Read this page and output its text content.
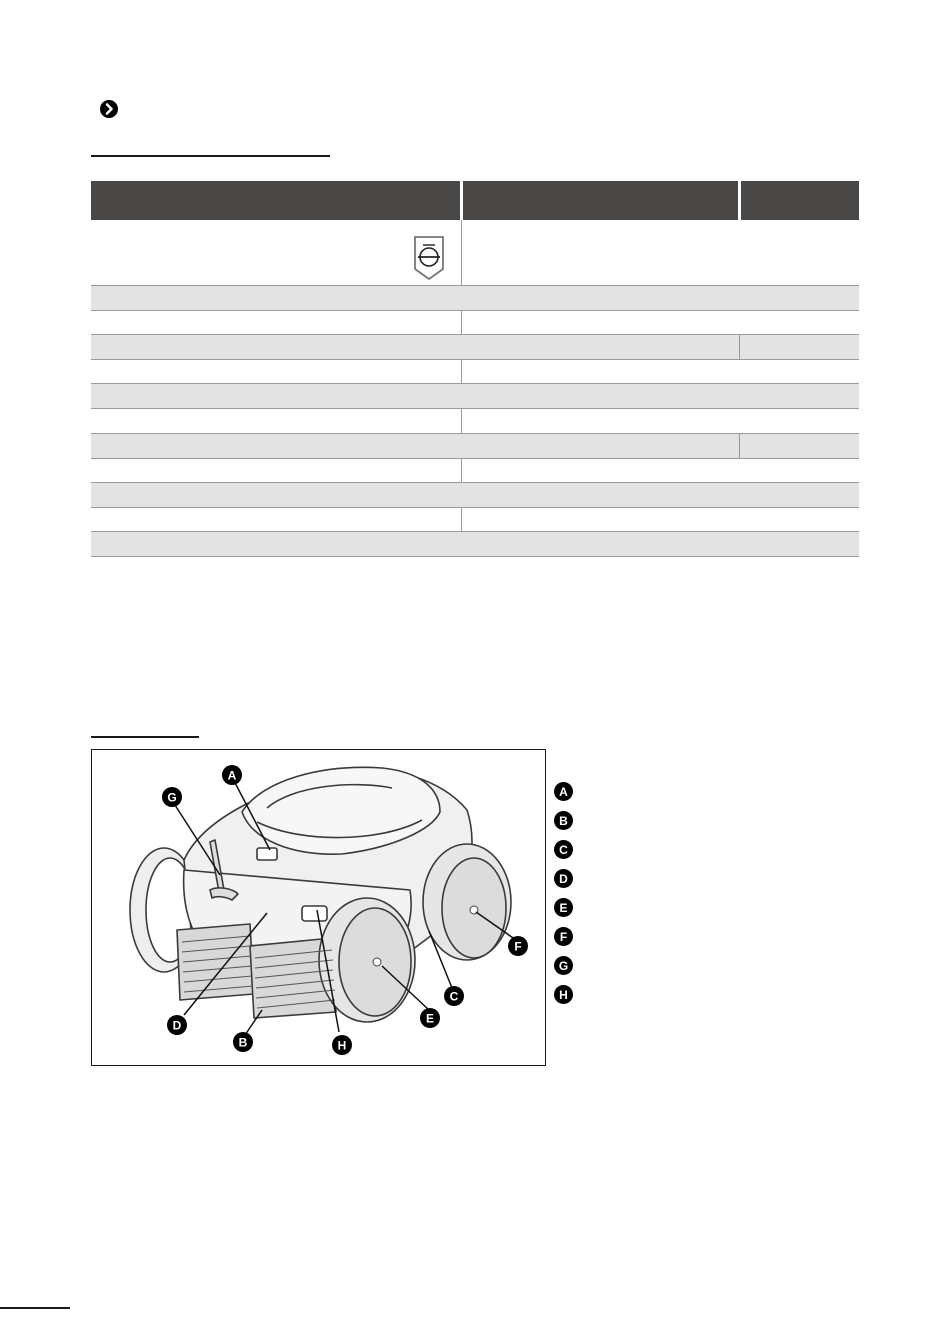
A
G
D
B	H
E
C
F
A
B
C
D
E
F
G
H
